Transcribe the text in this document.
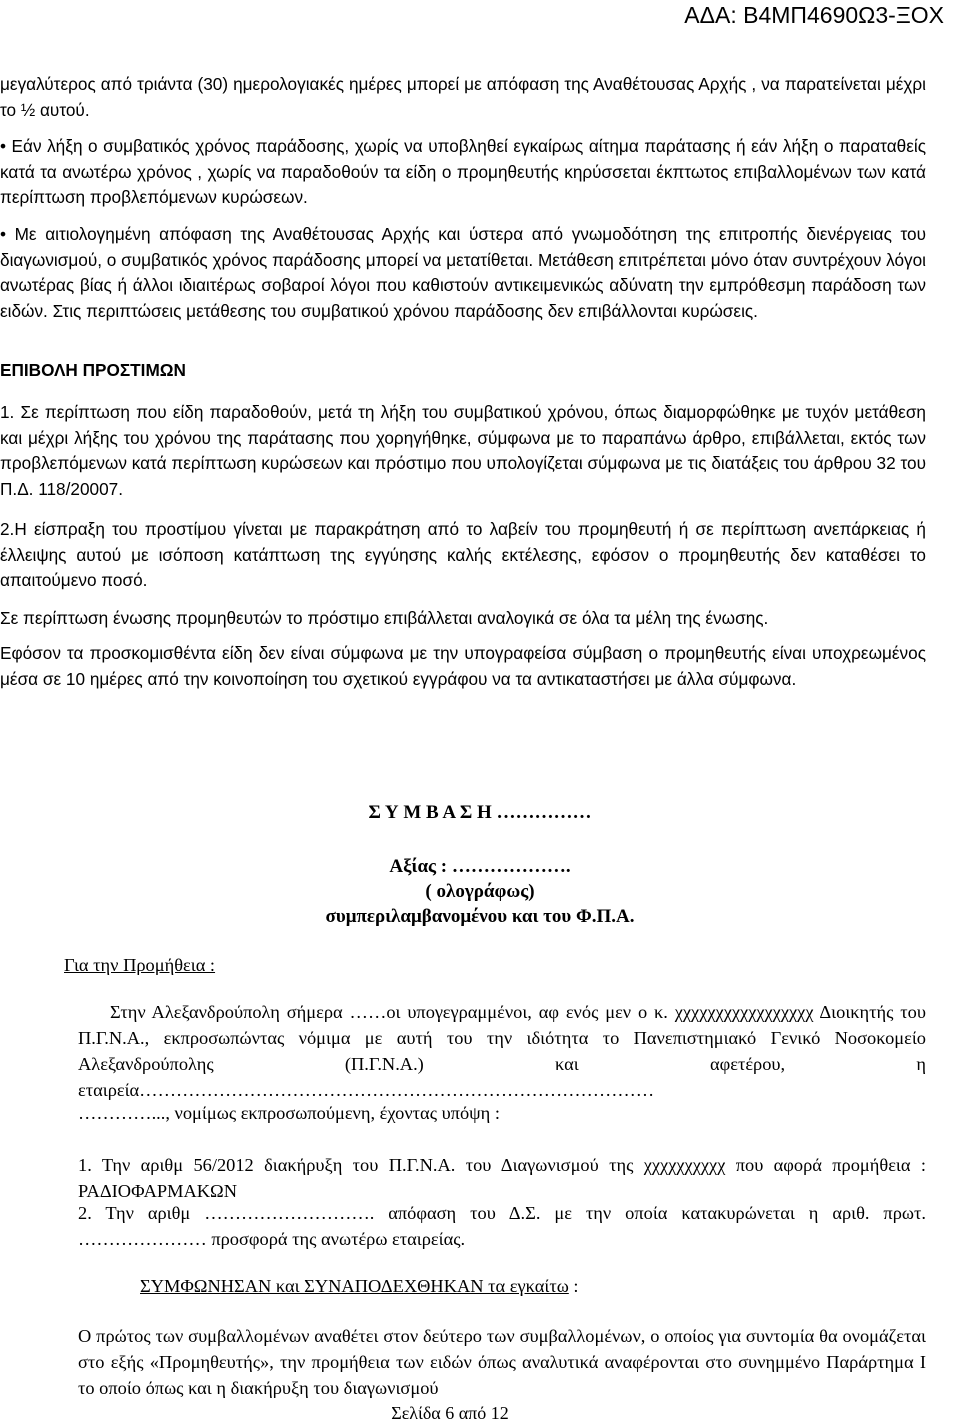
ΑΔΑ: Β4ΜΠ4690Ω3-ΞΟΧ
μεγαλύτερος από τριάντα (30) ημερολογιακές ημέρες μπορεί με απόφαση της Αναθέτουσας Αρχής , να παρατείνεται μέχρι το ½ αυτού.
• Εάν λήξη ο συμβατικός χρόνος παράδοσης, χωρίς να υποβληθεί εγκαίρως αίτημα παράτασης ή εάν λήξη ο παραταθείς κατά τα ανωτέρω χρόνος , χωρίς να παραδοθούν τα είδη ο προμηθευτής κηρύσσεται έκπτωτος επιβαλλομένων των κατά περίπτωση προβλεπόμενων κυρώσεων.
• Με αιτιολογημένη απόφαση της Αναθέτουσας Αρχής και ύστερα από γνωμοδότηση της επιτροπής διενέργειας του διαγωνισμού, ο συμβατικός χρόνος παράδοσης μπορεί να μετατίθεται. Μετάθεση επιτρέπεται μόνο όταν συντρέχουν λόγοι ανωτέρας βίας ή άλλοι ιδιαιτέρως σοβαροί λόγοι που καθιστούν αντικειμενικώς αδύνατη την εμπρόθεσμη παράδοση των ειδών. Στις περιπτώσεις μετάθεσης του συμβατικού χρόνου παράδοσης δεν επιβάλλονται κυρώσεις.
ΕΠΙΒΟΛΗ ΠΡΟΣΤΙΜΩΝ
1. Σε περίπτωση που είδη παραδοθούν, μετά τη λήξη του συμβατικού χρόνου, όπως διαμορφώθηκε με τυχόν μετάθεση και μέχρι λήξης του χρόνου της παράτασης που χορηγήθηκε, σύμφωνα με το παραπάνω άρθρο, επιβάλλεται, εκτός των προβλεπόμενων κατά περίπτωση κυρώσεων και πρόστιμο που υπολογίζεται σύμφωνα με τις διατάξεις του άρθρου 32 του Π.Δ. 118/20007.
2.Η είσπραξη του προστίμου γίνεται με παρακράτηση από το λαβείν του προμηθευτή ή σε περίπτωση ανεπάρκειας ή έλλειψης αυτού με ισόποση κατάπτωση της εγγύησης καλής εκτέλεσης, εφόσον ο προμηθευτής δεν καταθέσει το απαιτούμενο ποσό.
Σε περίπτωση ένωσης προμηθευτών το πρόστιμο επιβάλλεται αναλογικά σε όλα τα μέλη της ένωσης.
Εφόσον τα προσκομισθέντα είδη δεν είναι σύμφωνα με την υπογραφείσα σύμβαση ο προμηθευτής είναι υποχρεωμένος μέσα σε 10 ημέρες από την κοινοποίηση του σχετικού εγγράφου να τα αντικαταστήσει με άλλα σύμφωνα.
Σ Υ Μ Β Α Σ Η ……………
Αξίας : ……………….
( ολογράφως)
συμπεριλαμβανομένου και του Φ.Π.Α.
Για την Προμήθεια :
Στην Αλεξανδρούπολη σήμερα ……οι υπογεγραμμένοι, αφ ενός μεν ο κ. χχχχχχχχχχχχχχχχχ Διοικητής του Π.Γ.Ν.Α., εκπροσωπώντας νόμιμα με αυτή του την ιδιότητα το Πανεπιστημιακό Γενικό Νοσοκομείο Αλεξανδρούπολης (Π.Γ.Ν.Α.) και αφετέρου, η εταιρεία…………………………………………………………………………
…………..., νομίμως εκπροσωπούμενη, έχοντας υπόψη :
1. Την αριθμ 56/2012 διακήρυξη του Π.Γ.Ν.Α. του Διαγωνισμού της χχχχχχχχχχ που αφορά προμήθεια : ΡΑΔΙΟΦΑΡΜΑΚΩΝ
2. Την αριθμ ………………………. απόφαση του Δ.Σ. με την οποία κατακυρώνεται η αριθ. πρωτ. ………………… προσφορά της ανωτέρω εταιρείας.
ΣΥΜΦΩΝΗΣΑΝ και ΣΥΝΑΠΟΔΕΧΘΗΚΑΝ τα εγκαίτω :
Ο πρώτος των συμβαλλομένων αναθέτει στον δεύτερο των συμβαλλομένων, ο οποίος για συντομία θα ονομάζεται στο εξής «Προμηθευτής», την προμήθεια των ειδών όπως αναλυτικά αναφέρονται στο συνημμένο Παράρτημα Ι το οποίο όπως και η διακήρυξη του διαγωνισμού
Σελίδα 6 από 12
